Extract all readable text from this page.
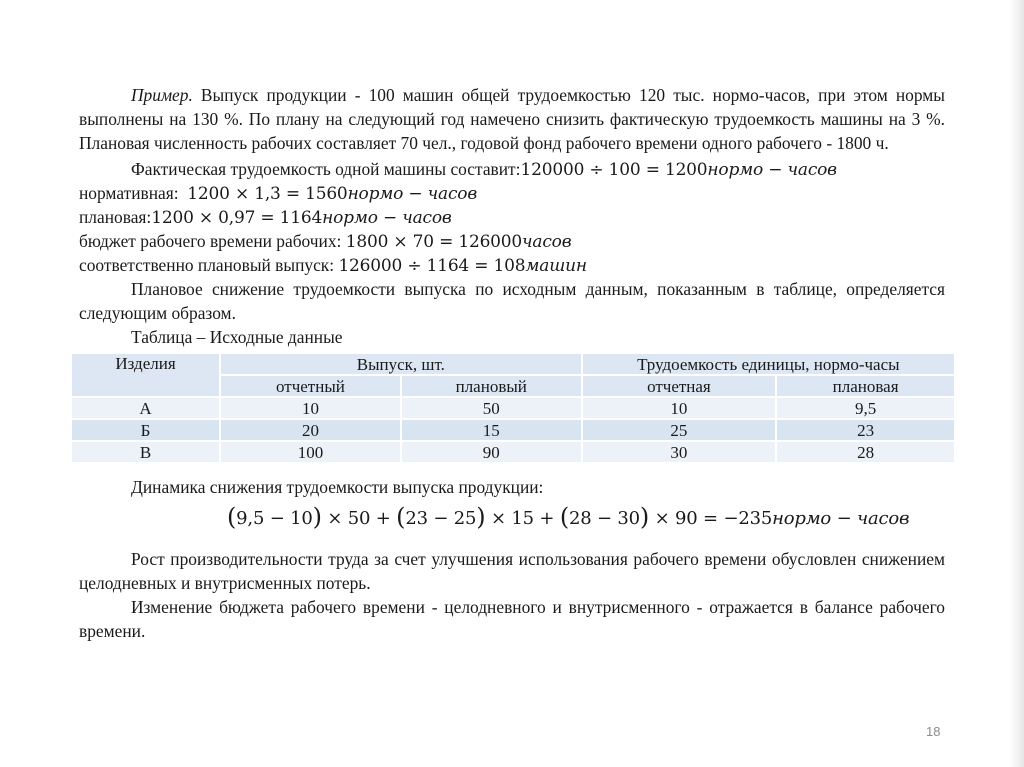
Пример. Выпуск продукции - 100 машин общей трудоемкостью 120 тыс. нормо-часов, при этом нормы выполнены на 130 %. По плану на следующий год намечено снизить фактическую трудоемкость машины на 3 %. Плановая численность рабочих составляет 70 чел., годовой фонд рабочего времени одного рабочего - 1800 ч.

Фактическая трудоемкость одной машины составит:120000 ÷ 100 = 1200нормо − часов
нормативная: 1200 × 1,3 = 1560нормо − часов
плановая:1200 × 0,97 = 1164нормо − часов
бюджет рабочего времени рабочих: 1800 × 70 = 126000часов
соответственно плановый выпуск: 126000 ÷ 1164 = 108машин

Плановое снижение трудоемкости выпуска по исходным данным, показанным в таблице, определяется следующим образом.

Таблица – Исходные данные

Изделия	Выпуск, шт.		Трудоемкость единицы, нормо-часы	
	отчетный	плановый	отчетная	плановая
А	10	50	10	9,5
Б	20	15	25	23
В	100	90	30	28

Динамика снижения трудоемкости выпуска продукции:

(9,5 − 10) × 50 + (23 − 25) × 15 + (28 − 30) × 90 = −235нормо − часов

Рост производительности труда за счет улучшения использования рабочего времени обусловлен снижением целодневных и внутрисменных потерь.

Изменение бюджета рабочего времени - целодневного и внутрисменного - отражается в балансе рабочего времени.

18
